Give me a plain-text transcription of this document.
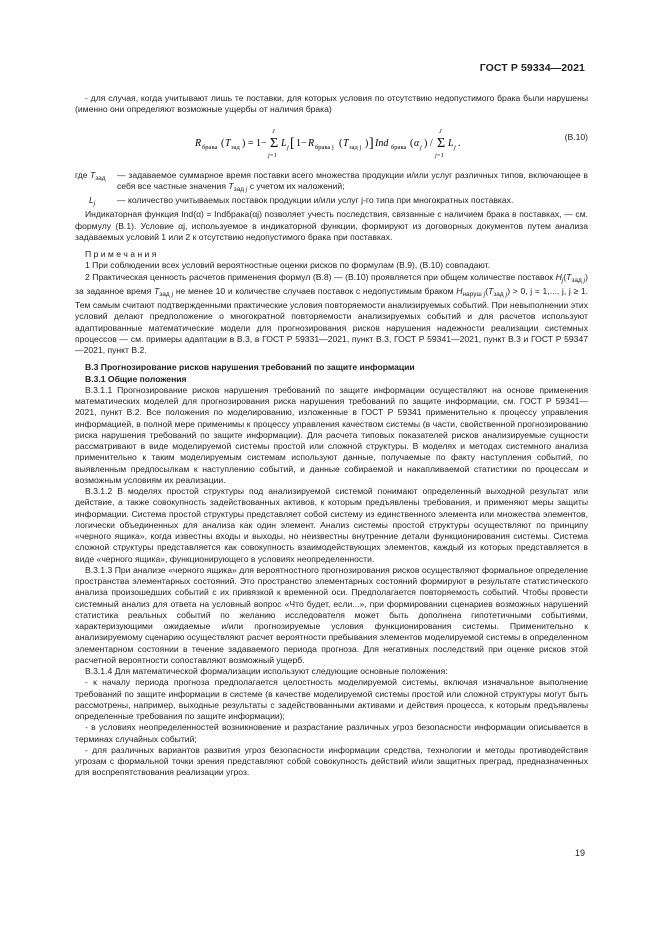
ГОСТ Р 59334—2021

- для случая, когда учитывают лишь те поставки, для которых условия по отсутствию недопустимого брака были нарушены (именно они определяют возможные ущербы от наличия брака)

R брака ( T зад ) = 1− Σ
J
j=1
L j [ 1− R брака j ( T зад j ) ] Ind брака ( α j ) / Σ
J
j=1
L j .
(B.10)
где $T_{зад}$	— задаваемое суммарное время поставки всего множества продукции и/или услуг различных типов, включающее в себя все частные значения $T_{зад j}$ с учетом их наложений;
$L_j$	— количество учитываемых поставок продукции и/или услуг j-го типа при многократных поставках.

Индикаторная функция Ind(α) = Indбрака(αj) позволяет учесть последствия, связанные с наличием брака в поставках, — см. формулу (B.1). Условие αj, используемое в индикаторной функции, формируют из договорных документов путем анализа задаваемых условий 1 или 2 к отсутствию недопустимого брака при поставках.

П р и м е ч а н и я

1 При соблюдении всех условий вероятностные оценки рисков по формулам (B.9), (B.10) совпадают.

2 Практическая ценность расчетов применения формул (B.8) — (B.10) проявляется при общем количестве поставок $H_j(T_{зад j})$ за заданное время $T_{зад j}$ не менее 10 и количестве случаев поставок с недопустимым браком $H_{наруш j}(T_{зад j}) > 0$, j = 1,..., j, j ≥ 1. Тем самым считают подтвержденными практические условия повторяемости анализируемых событий. При невыполнении этих условий делают предположение о многократной повторяемости анализируемых событий и для расчетов используют адаптированные математические модели для прогнозирования рисков нарушения надежности реализации системных процессов — см. примеры адаптации в B.3, в ГОСТ Р 59331—2021, пункт B.3, ГОСТ Р 59341—2021, пункт B.3 и ГОСТ Р 59347—2021, пункт B.2.

B.3 Прогнозирование рисков нарушения требований по защите информации

B.3.1 Общие положения

B.3.1.1 Прогнозирование рисков нарушения требований по защите информации осуществляют на основе применения математических моделей для прогнозирования риска нарушения требований по защите информации, см. ГОСТ Р 59341—2021, пункт B.2. Все положения по моделированию, изложенные в ГОСТ Р 59341 применительно к процессу управления информацией, в полной мере применимы к процессу управления качеством системы (в части, свойственной прогнозированию риска нарушения требований по защите информации). Для расчета типовых показателей рисков анализируемые сущности рассматривают в виде моделируемой системы простой или сложной структуры. В моделях и методах системного анализа применительно к таким моделируемым системам используют данные, получаемые по факту наступления событий, по выявленным предпосылкам к наступлению событий, и данные собираемой и накапливаемой статистики по процессам и возможным условиям их реализации.

B.3.1.2 В моделях простой структуры под анализируемой системой понимают определенный выходной результат или действие, а также совокупность задействованных активов, к которым предъявлены требования, и применяют меры защиты информации. Система простой структуры представляет собой систему из единственного элемента или множества элементов, логически объединенных для анализа как один элемент. Анализ системы простой структуры осуществляют по принципу «черного ящика», когда известны входы и выходы, но неизвестны внутренние детали функционирования системы. Система сложной структуры представляется как совокупность взаимодействующих элементов, каждый из которых представляется в виде «черного ящика», функционирующего в условиях неопределенности.

B.3.1.3 При анализе «черного ящика» для вероятностного прогнозирования рисков осуществляют формальное определение пространства элементарных состояний. Это пространство элементарных состояний формируют в результате статистического анализа произошедших событий с их привязкой к временной оси. Предполагается повторяемость событий. Чтобы провести системный анализ для ответа на условный вопрос «Что будет, если...», при формировании сценариев возможных нарушений статистика реальных событий по желанию исследователя может быть дополнена гипотетичными событиями, характеризующими ожидаемые и/или прогнозируемые условия функционирования системы. Применительно к анализируемому сценарию осуществляют расчет вероятности пребывания элементов моделируемой системы в определенном элементарном состоянии в течение задаваемого периода прогноза. Для негативных последствий при оценке рисков этой расчетной вероятности сопоставляют возможный ущерб.

B.3.1.4 Для математической формализации используют следующие основные положения:

- к началу периода прогноза предполагается целостность моделируемой системы, включая изначальное выполнение требований по защите информации в системе (в качестве моделируемой системы простой или сложной структуры могут быть рассмотрены, например, выходные результаты с задействованными активами и действия процесса, к которым предъявлены определенные требования по защите информации);

- в условиях неопределенностей возникновение и разрастание различных угроз безопасности информации описывается в терминах случайных событий;

- для различных вариантов развития угроз безопасности информации средства, технологии и методы противодействия угрозам с формальной точки зрения представляют собой совокупность действий и/или защитных преград, предназначенных для воспрепятствования реализации угроз.

19
